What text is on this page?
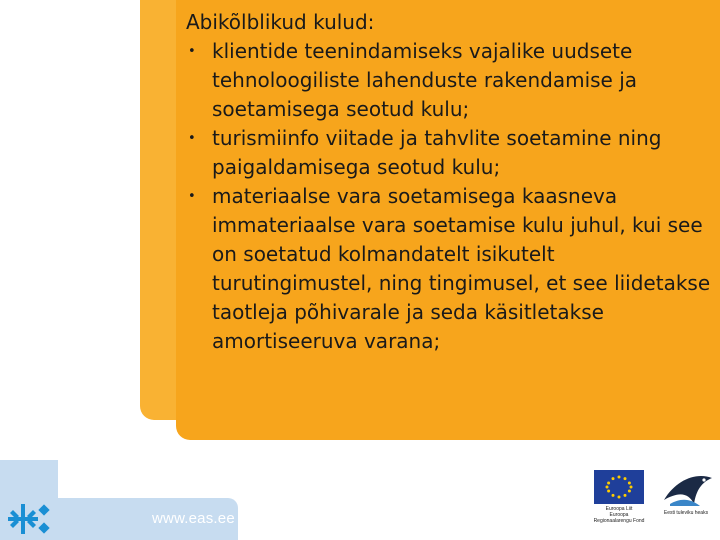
Abikõlblikud kulud:

• klientide teenindamiseks vajalike uudsete tehnoloogiliste lahenduste rakendamise ja soetamisega seotud kulu;
• turismiinfo viitade ja tahvlite soetamine ning paigaldamisega seotud kulu;
• materiaalse vara soetamisega kaasneva immateriaalse vara soetamise kulu juhul, kui see on soetatud kolmandatelt isikutelt turutingimustel, ning tingimusel, et see liidetakse taotleja põhivarale ja seda käsitletakse amortiseeruva varana;
www.eas.ee
Euroopa Liit
Euroopa
Regionaalarengu Fond
Eesti tuleviku heaks
